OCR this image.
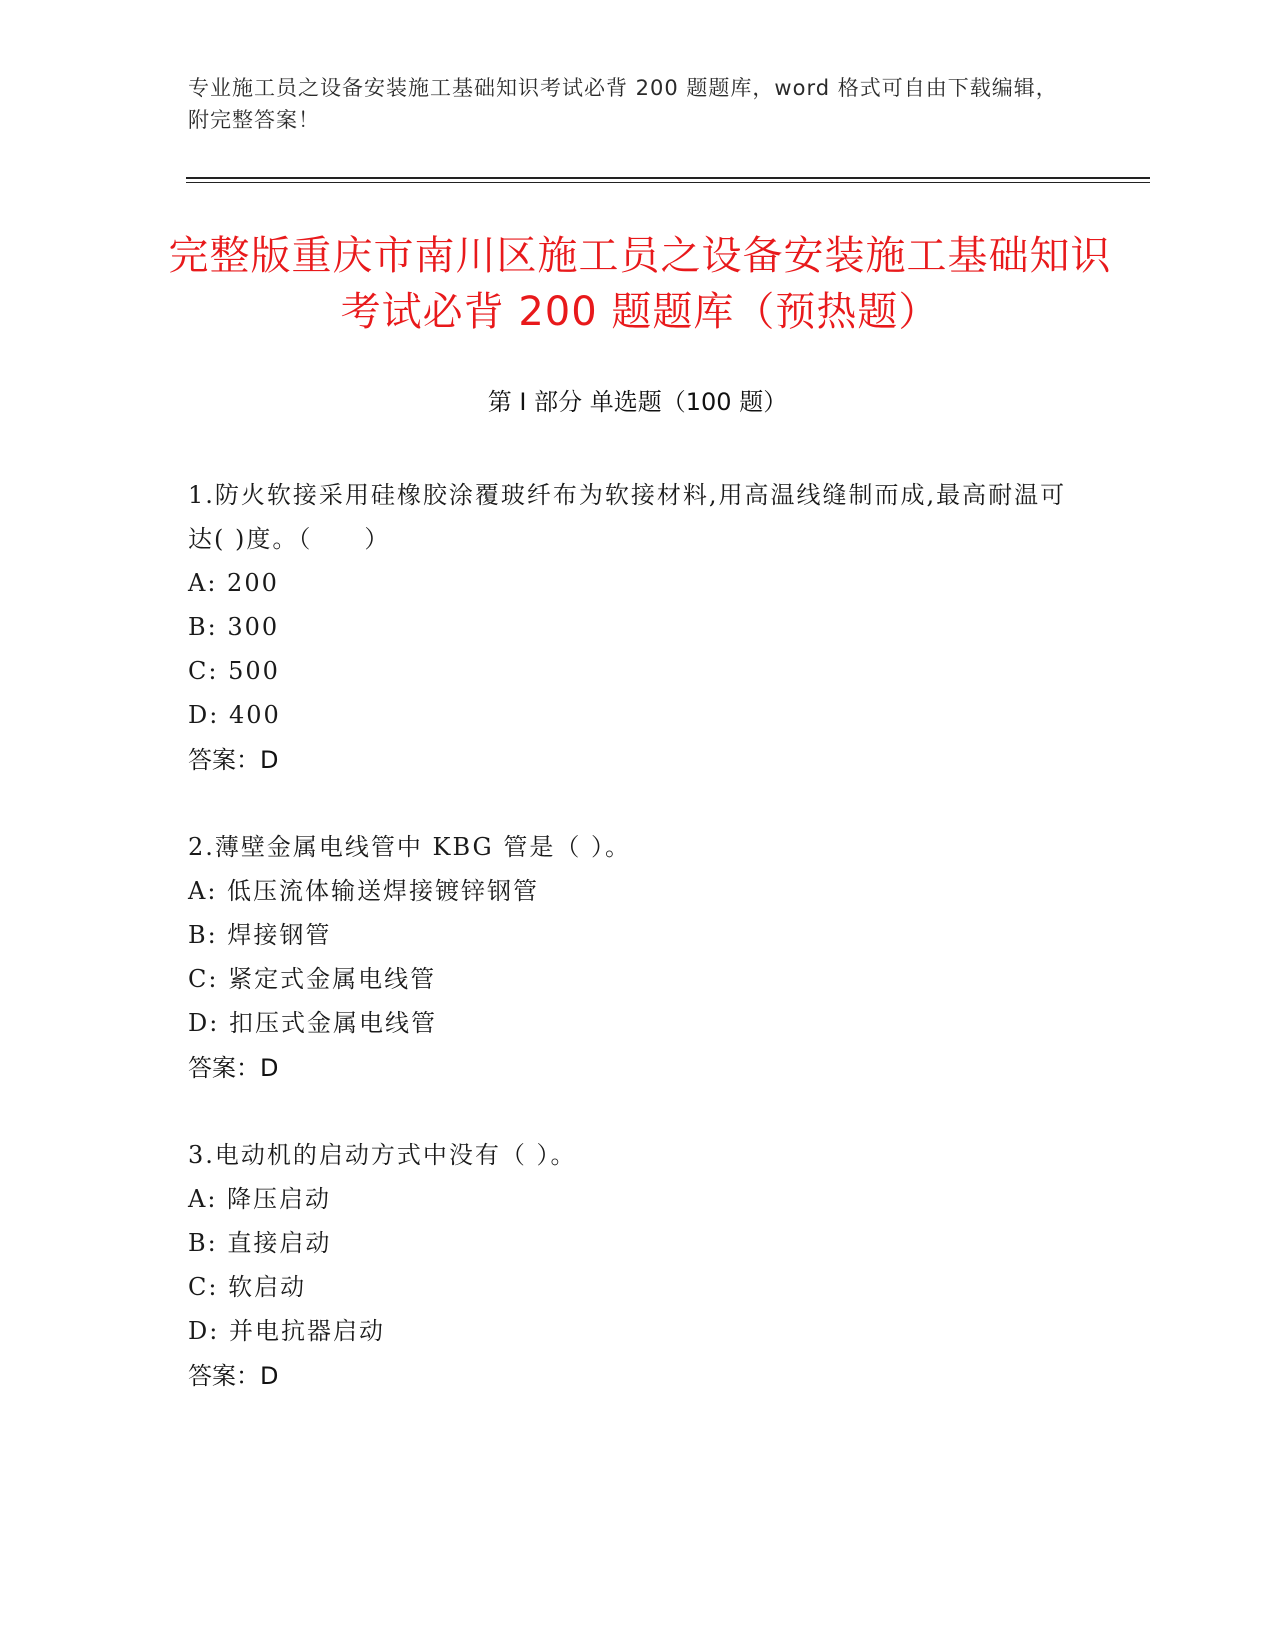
专业施工员之设备安装施工基础知识考试必背 200 题题库，word 格式可自由下载编辑，附完整答案！
完整版重庆市南川区施工员之设备安装施工基础知识考试必背 200 题题库（预热题）
第 I 部分 单选题（100 题）
1.防火软接采用硅橡胶涂覆玻纤布为软接材料,用高温线缝制而成,最高耐温可达( )度。（　　）
A: 200
B: 300
C: 500
D: 400
答案：D
2.薄壁金属电线管中 KBG 管是（ ）。
A: 低压流体输送焊接镀锌钢管
B: 焊接钢管
C: 紧定式金属电线管
D: 扣压式金属电线管
答案：D
3.电动机的启动方式中没有（ ）。
A: 降压启动
B: 直接启动
C: 软启动
D: 并电抗器启动
答案：D
